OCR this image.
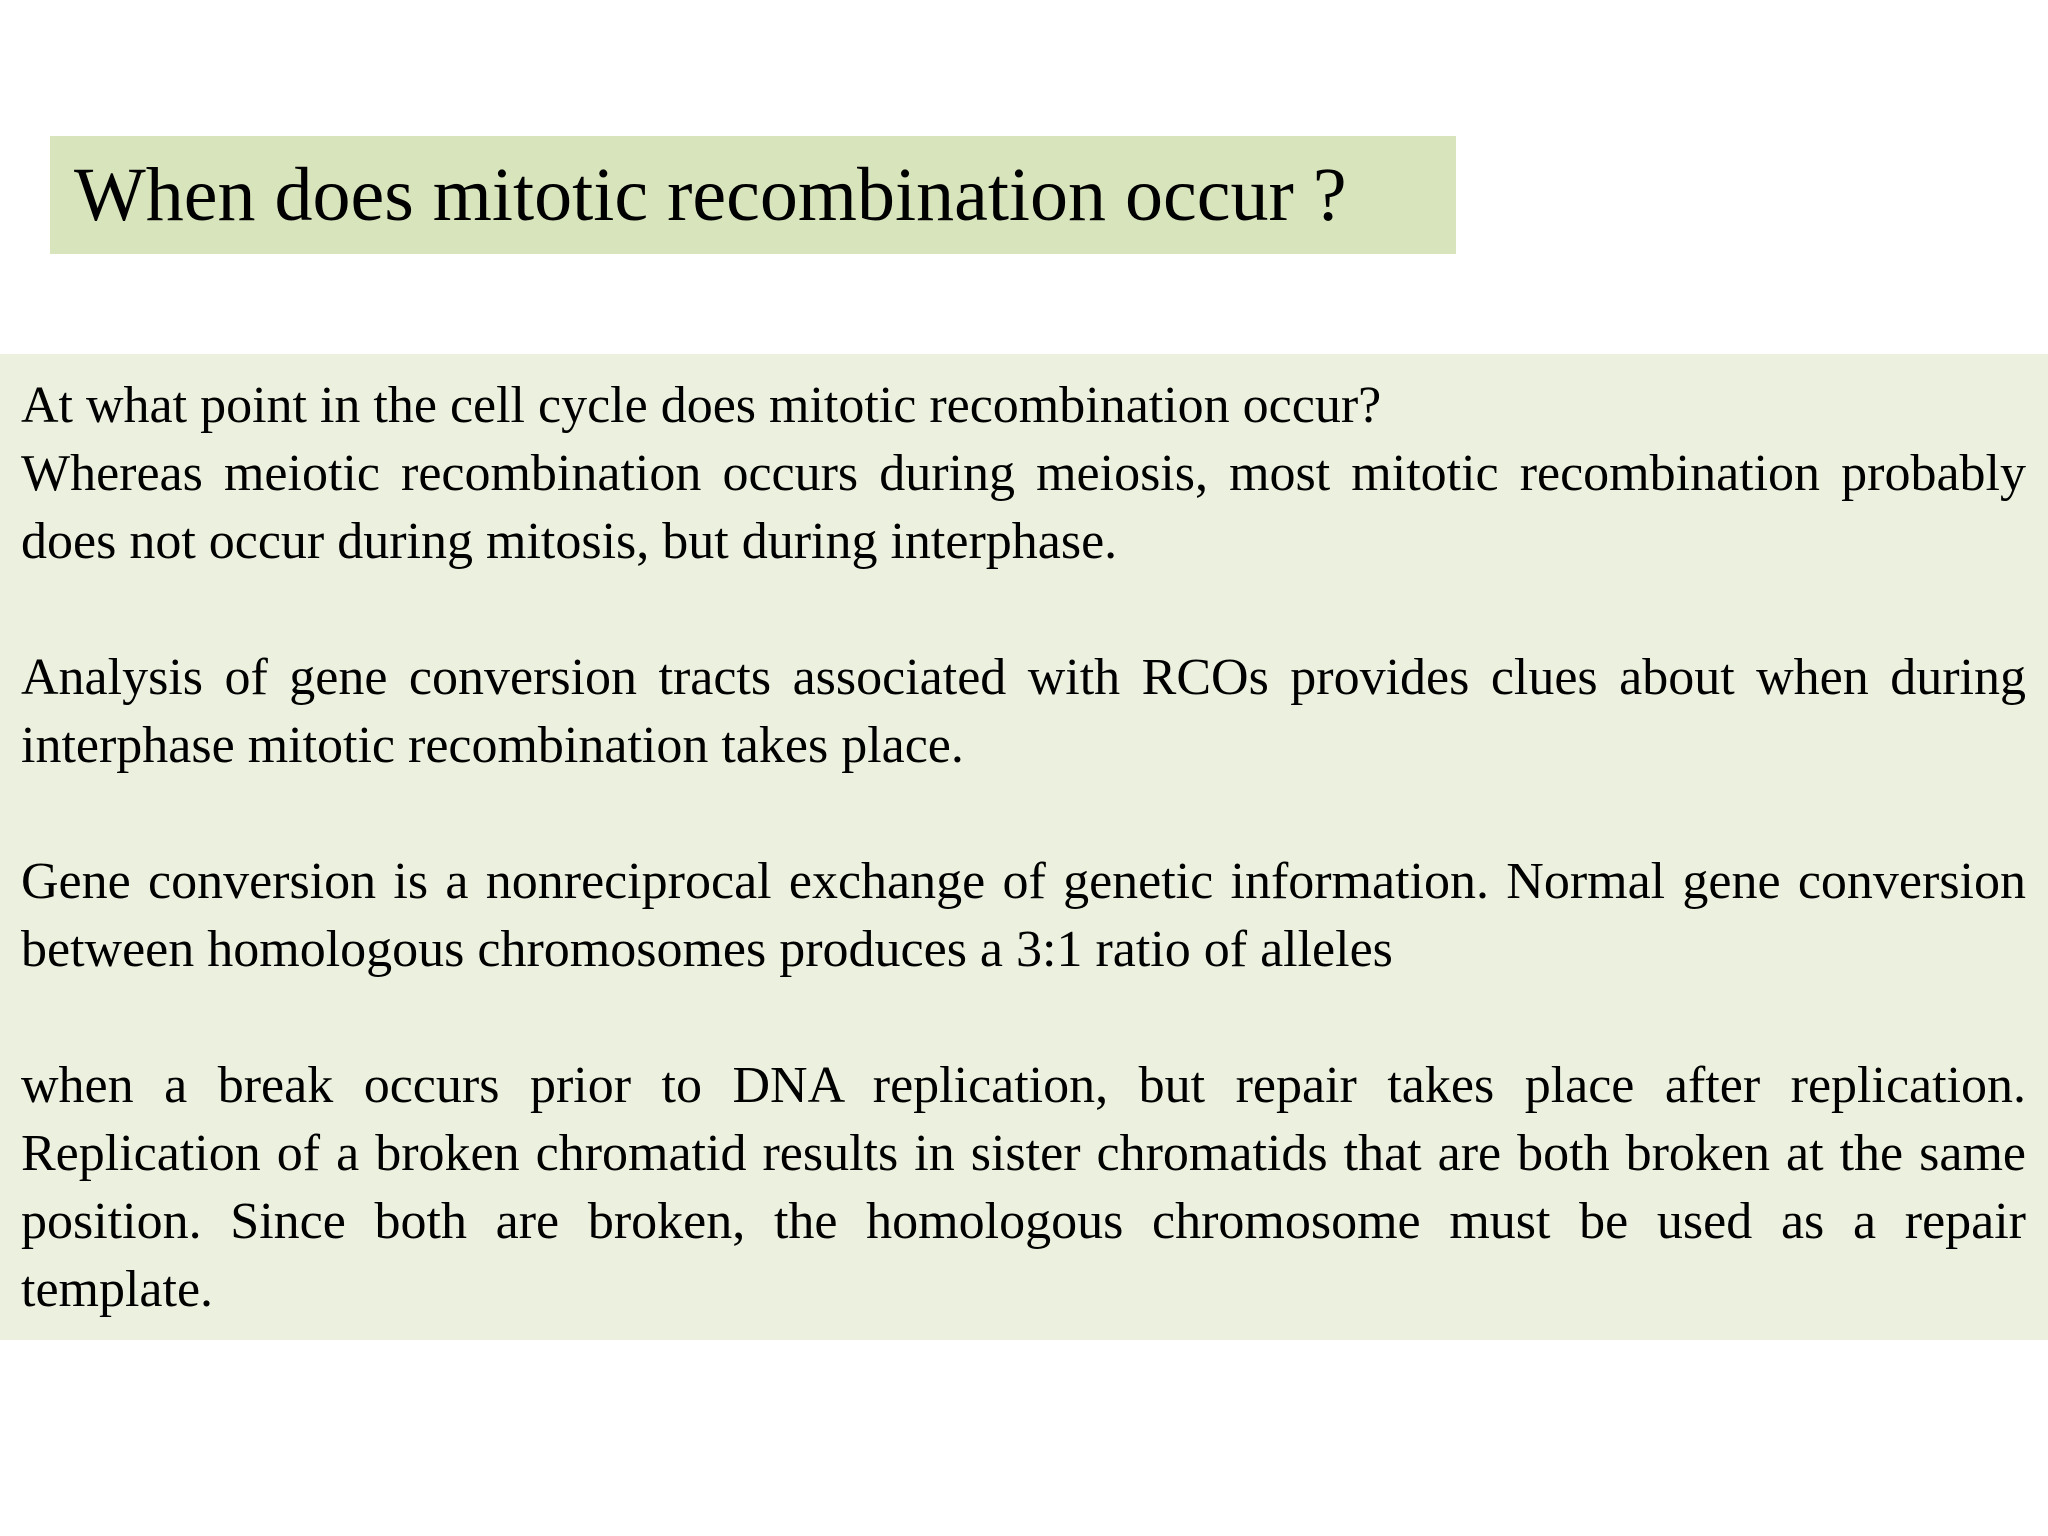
When does mitotic recombination occur ?

At what point in the cell cycle does mitotic recombination occur?
Whereas meiotic recombination occurs during meiosis, most mitotic recombination probably does not occur during mitosis, but during interphase.

Analysis of gene conversion tracts associated with RCOs provides clues about when during interphase mitotic recombination takes place.

Gene conversion is a nonreciprocal exchange of genetic information. Normal gene conversion between homologous chromosomes produces a 3:1 ratio of alleles

when a break occurs prior to DNA replication, but repair takes place after replication. Replication of a broken chromatid results in sister chromatids that are both broken at the same position. Since both are broken, the homologous chromosome must be used as a repair template.
